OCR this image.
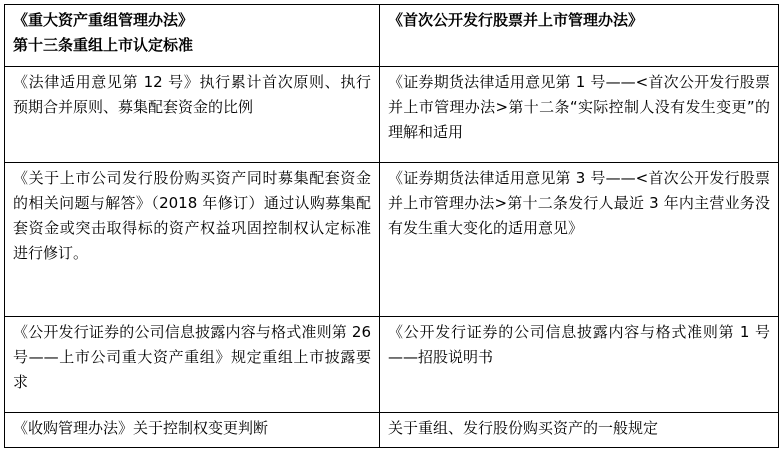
《重大资产重组管理办法》
第十三条重组上市认定标准	《首次公开发行股票并上市管理办法》

《法律适用意见第 12 号》执行累计首次原则、执行预期合并原则、募集配套资金的比例	《证券期货法律适用意见第 1 号——<首次公开发行股票并上市管理办法>第十二条“实际控制人没有发生变更”的理解和适用
《关于上市公司发行股份购买资产同时募集配套资金的相关问题与解答》（2018 年修订）通过认购募集配套资金或突击取得标的资产权益巩固控制权认定标准进行修订。	《证券期货法律适用意见第 3 号——<首次公开发行股票并上市管理办法>第十二条发行人最近 3 年内主营业务没有发生重大变化的适用意见》
《公开发行证券的公司信息披露内容与格式准则第 26 号——上市公司重大资产重组》规定重组上市披露要求	《公开发行证券的公司信息披露内容与格式准则第 1 号——招股说明书
《收购管理办法》关于控制权变更判断	关于重组、发行股份购买资产的一般规定
